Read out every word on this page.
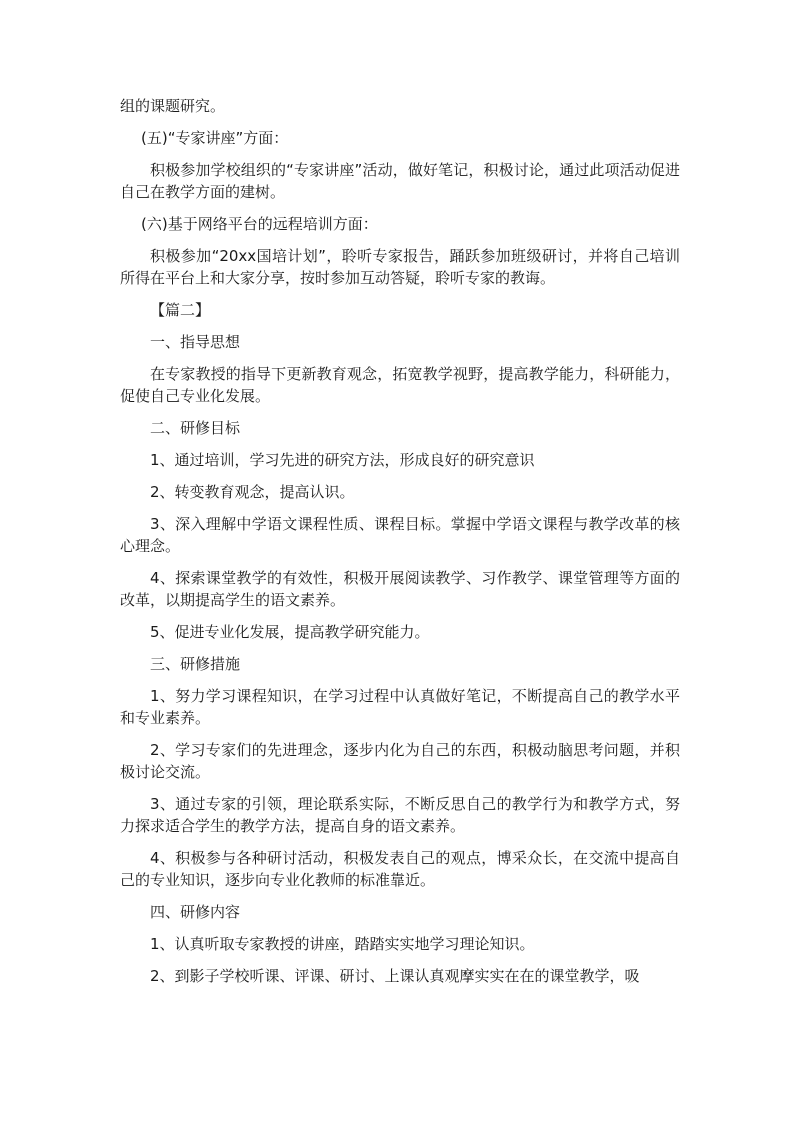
组的课题研究。

(五)“专家讲座”方面：

积极参加学校组织的“专家讲座”活动，做好笔记，积极讨论，通过此项活动促进自己在教学方面的建树。

(六)基于网络平台的远程培训方面：

积极参加“20xx国培计划”，聆听专家报告，踊跃参加班级研讨，并将自己培训所得在平台上和大家分享，按时参加互动答疑，聆听专家的教诲。

【篇二】

一、指导思想

在专家教授的指导下更新教育观念，拓宽教学视野，提高教学能力，科研能力，促使自己专业化发展。

二、研修目标

1、通过培训，学习先进的研究方法，形成良好的研究意识

2、转变教育观念，提高认识。

3、深入理解中学语文课程性质、课程目标。掌握中学语文课程与教学改革的核心理念。

4、探索课堂教学的有效性，积极开展阅读教学、习作教学、课堂管理等方面的改革，以期提高学生的语文素养。

5、促进专业化发展，提高教学研究能力。

三、研修措施

1、努力学习课程知识，在学习过程中认真做好笔记，不断提高自己的教学水平和专业素养。

2、学习专家们的先进理念，逐步内化为自己的东西，积极动脑思考问题，并积极讨论交流。

3、通过专家的引领，理论联系实际，不断反思自己的教学行为和教学方式，努力探求适合学生的教学方法，提高自身的语文素养。

4、积极参与各种研讨活动，积极发表自己的观点，博采众长，在交流中提高自己的专业知识，逐步向专业化教师的标准靠近。

四、研修内容

1、认真听取专家教授的讲座，踏踏实实地学习理论知识。

2、到影子学校听课、评课、研讨、上课认真观摩实实在在的课堂教学，吸
